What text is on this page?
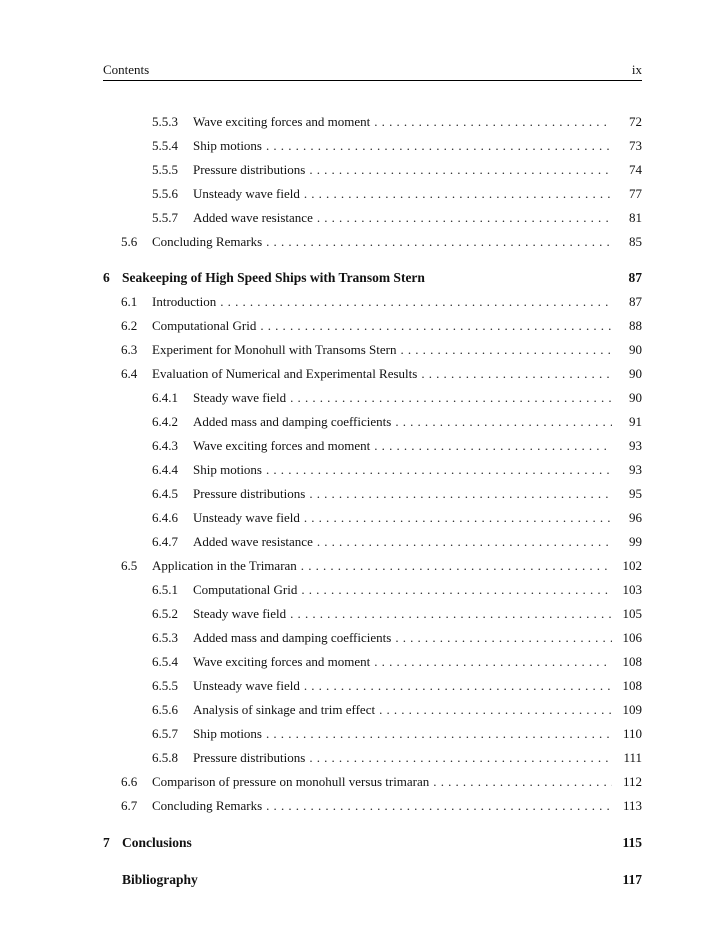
Contents	ix
5.5.3 Wave exciting forces and moment . . .	72
5.5.4 Ship motions . . .	73
5.5.5 Pressure distributions . . .	74
5.5.6 Unsteady wave field . . .	77
5.5.7 Added wave resistance . . .	81
5.6 Concluding Remarks . . .	85
6 Seakeeping of High Speed Ships with Transom Stern	87
6.1 Introduction . . .	87
6.2 Computational Grid . . .	88
6.3 Experiment for Monohull with Transoms Stern . . .	90
6.4 Evaluation of Numerical and Experimental Results . . .	90
6.4.1 Steady wave field . . .	90
6.4.2 Added mass and damping coefficients . . .	91
6.4.3 Wave exciting forces and moment . . .	93
6.4.4 Ship motions . . .	93
6.4.5 Pressure distributions . . .	95
6.4.6 Unsteady wave field . . .	96
6.4.7 Added wave resistance . . .	99
6.5 Application in the Trimaran . . .	102
6.5.1 Computational Grid . . .	103
6.5.2 Steady wave field . . .	105
6.5.3 Added mass and damping coefficients . . .	106
6.5.4 Wave exciting forces and moment . . .	108
6.5.5 Unsteady wave field . . .	108
6.5.6 Analysis of sinkage and trim effect . . .	109
6.5.7 Ship motions . . .	110
6.5.8 Pressure distributions . . .	111
6.6 Comparison of pressure on monohull versus trimaran . . .	112
6.7 Concluding Remarks . . .	113
7 Conclusions	115
Bibliography	117
